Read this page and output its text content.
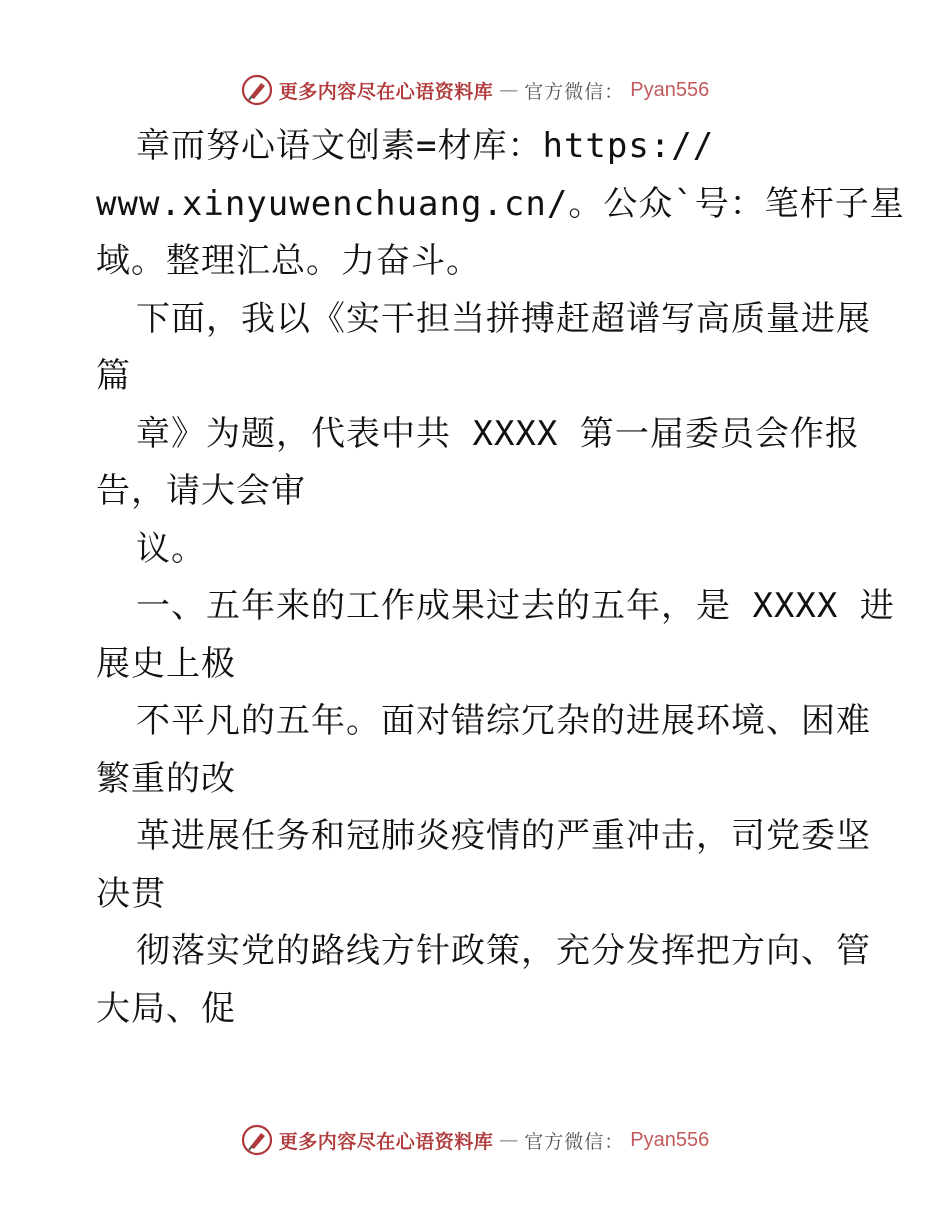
更多内容尽在心语资料库 — 官方微信： Pyan556
章而努心语文创素=材库：https://
www.xinyuwenchuang.cn/。公众`号：笔杆子星
域。整理汇总。力奋斗。
下面，我以《实干担当拼搏赶超谱写高质量进展
篇
章》为题，代表中共 XXXX 第一届委员会作报
告，请大会审
议。
一、五年来的工作成果过去的五年，是 XXXX 进
展史上极
不平凡的五年。面对错综冗杂的进展环境、困难
繁重的改
革进展任务和冠肺炎疫情的严重冲击，司党委坚
决贯
彻落实党的路线方针政策，充分发挥把方向、管
大局、促
更多内容尽在心语资料库 — 官方微信： Pyan556
